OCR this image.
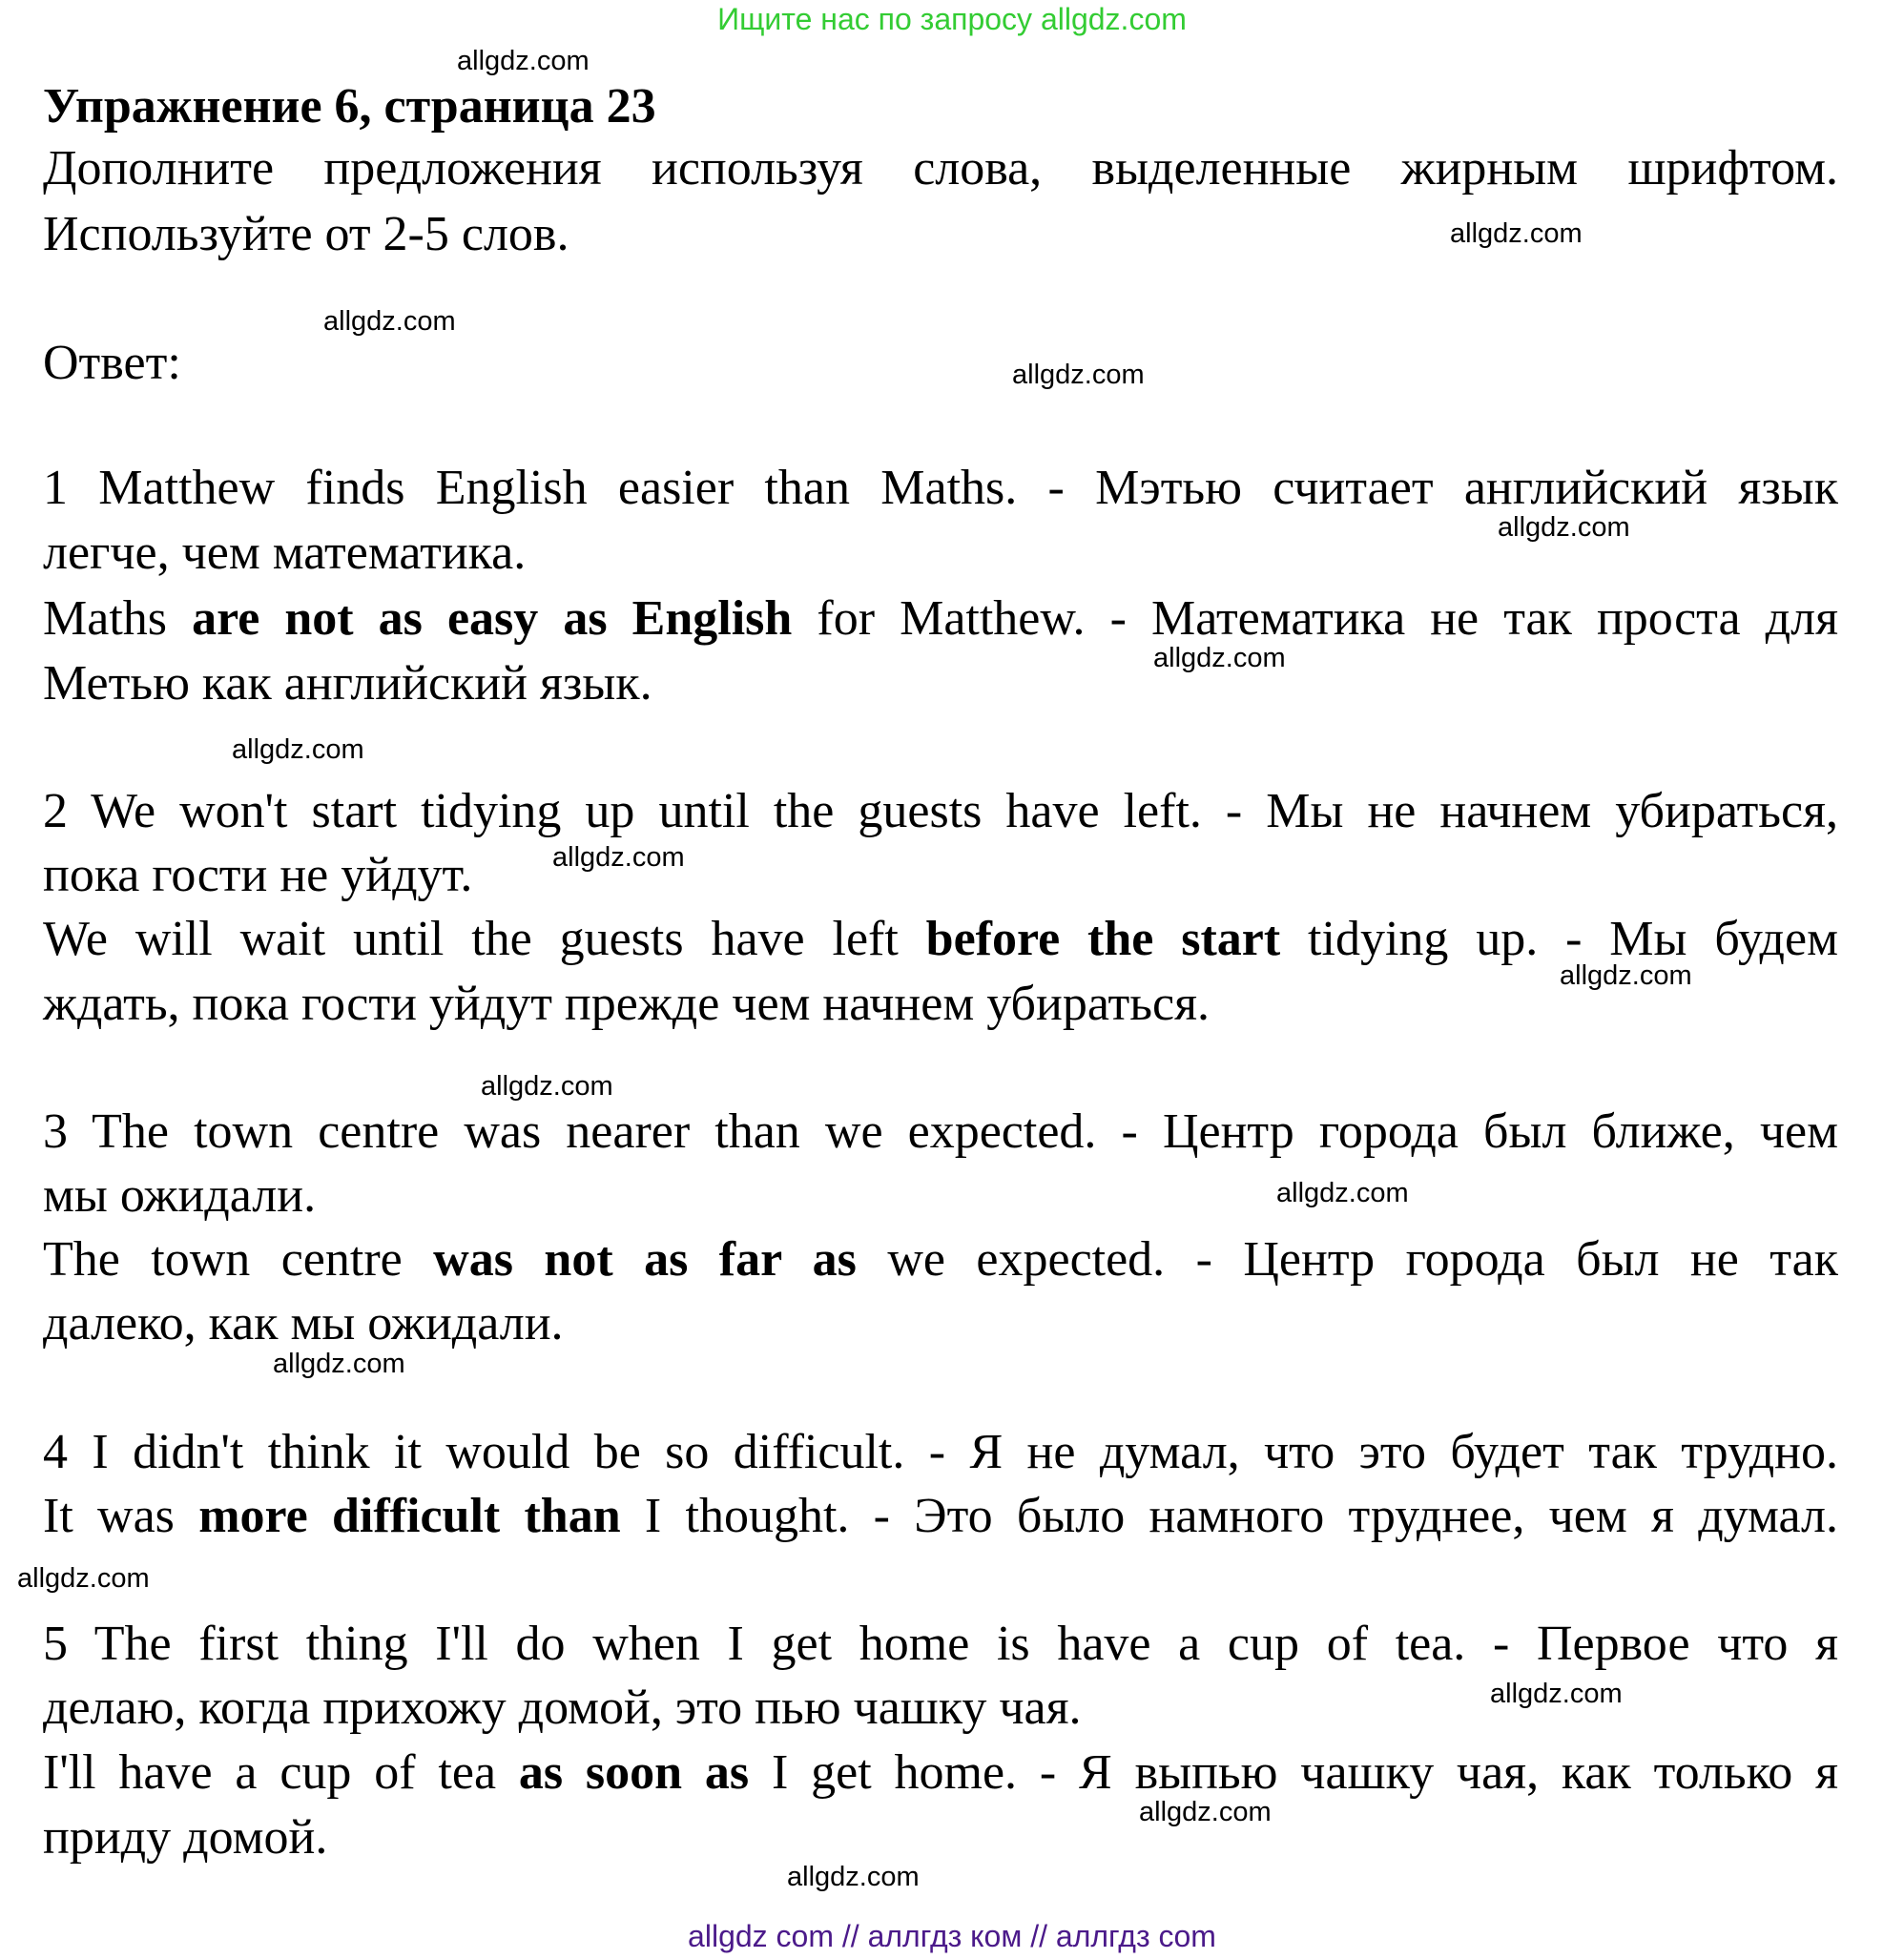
Ищите нас по запросу allgdz.com
Упражнение 6, страница 23
Дополните предложения используя слова, выделенные жирным шрифтом.
Используйте от 2-5 слов.
Ответ:
1 Matthew finds English easier than Maths. - Мэтью считает английский язык
легче, чем математика.
Maths are not as easy as English for Matthew. - Математика не так проста для
Метью как английский язык.
2 We won't start tidying up until the guests have left. - Мы не начнем убираться,
пока гости не уйдут.
We will wait until the guests have left before the start tidying up. - Мы будем
ждать, пока гости уйдут прежде чем начнем убираться.
3 The town centre was nearer than we expected. - Центр города был ближе, чем
мы ожидали.
The town centre was not as far as we expected. - Центр города был не так
далеко, как мы ожидали.
4 I didn't think it would be so difficult. - Я не думал, что это будет так трудно.
It was more difficult than I thought. - Это было намного труднее, чем я думал.
5 The first thing I'll do when I get home is have a cup of tea. - Первое что я
делаю, когда прихожу домой, это пью чашку чая.
I'll have a cup of tea as soon as I get home. - Я выпью чашку чая, как только я
приду домой.
allgdz.com
allgdz.com
allgdz.com
allgdz.com
allgdz.com
allgdz.com
allgdz.com
allgdz.com
allgdz.com
allgdz.com
allgdz.com
allgdz.com
allgdz.com
allgdz.com
allgdz.com
allgdz.com
allgdz com // аллгдз ком // аллгдз com
